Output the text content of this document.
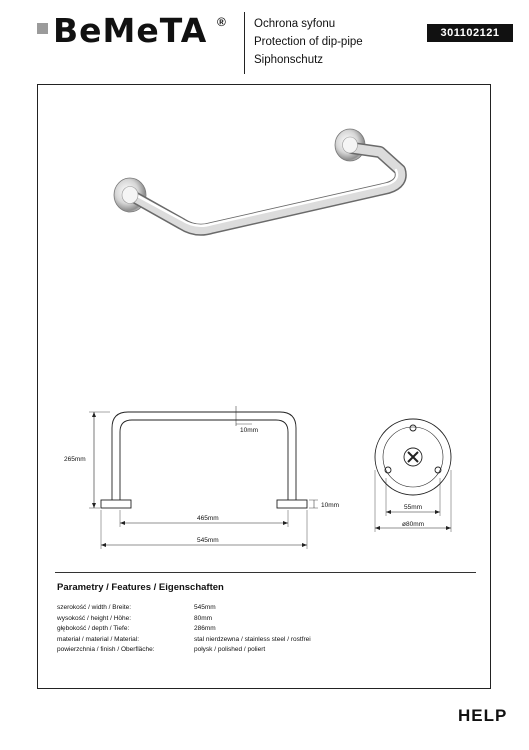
BeMeTA ® Ochrona syfonu
Protection of dip-pipe
Siphonschutz
301102121
265mm
10mm
10mm
465mm
545mm
55mm
ø80mm
Parametry / Features / Eigenschaften
szerokość / width / Breite:	545mm
wysokość / height / Höhe:	80mm
głębokość / depth / Tiefe:	286mm
materiał / material / Material:	stal nierdzewna / stainless steel / rostfrei
powierzchnia / finish / Oberfläche:	połysk / polished / poliert
HELP
